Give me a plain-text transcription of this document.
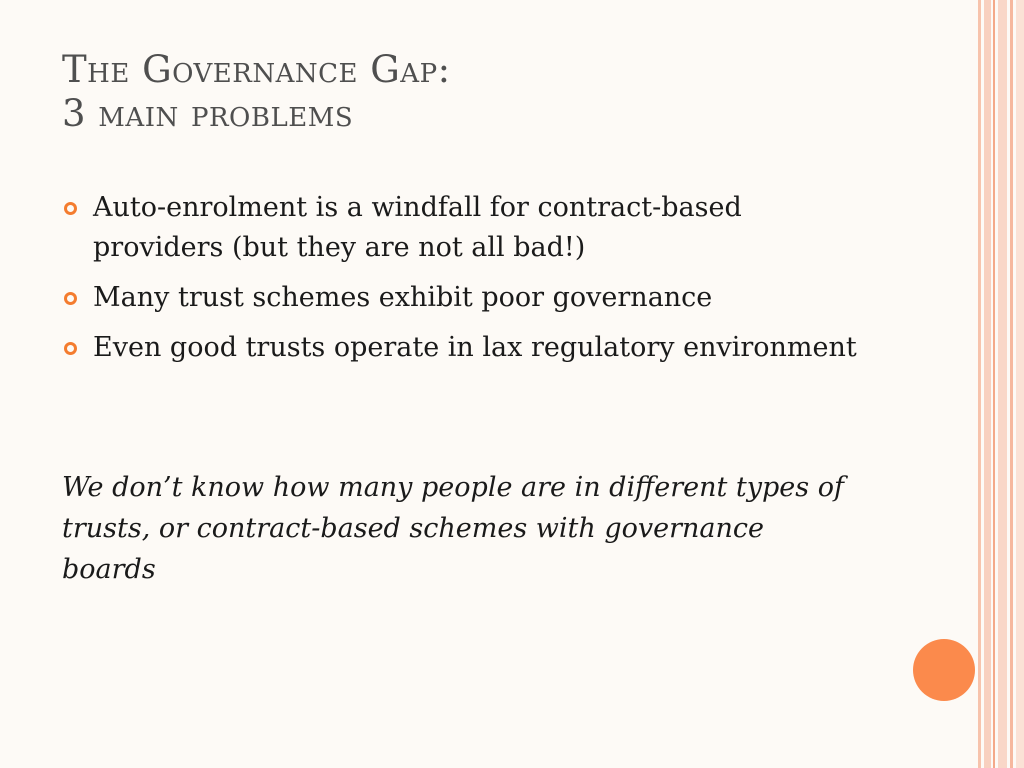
The Governance Gap:
3 main problems
Auto-enrolment is a windfall for contract-based providers (but they are not all bad!)
Many trust schemes exhibit poor governance
Even good trusts operate in lax regulatory environment

We don’t know how many people are in different types of trusts, or contract-based schemes with governance boards
